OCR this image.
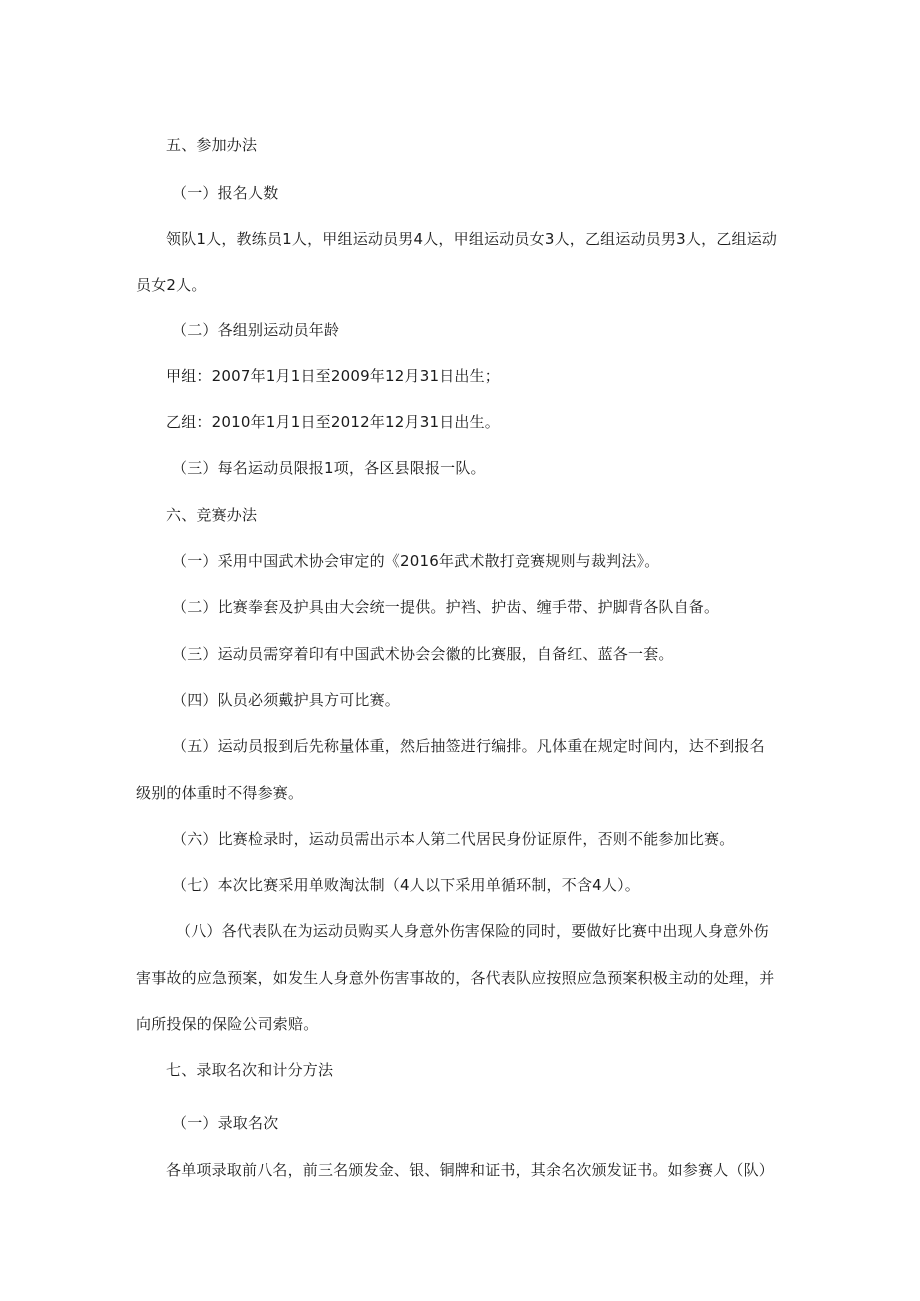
五、参加办法
（一）报名人数
领队1人，教练员1人，甲组运动员男4人，甲组运动员女3人，乙组运动员男3人，乙组运动
员女2人。
（二）各组别运动员年龄
甲组：2007年1月1日至2009年12月31日出生；
乙组：2010年1月1日至2012年12月31日出生。
（三）每名运动员限报1项，各区县限报一队。
六、竞赛办法
（一）采用中国武术协会审定的《2016年武术散打竞赛规则与裁判法》。
（二）比赛拳套及护具由大会统一提供。护裆、护齿、缠手带、护脚背各队自备。
（三）运动员需穿着印有中国武术协会会徽的比赛服，自备红、蓝各一套。
（四）队员必须戴护具方可比赛。
（五）运动员报到后先称量体重，然后抽签进行编排。凡体重在规定时间内，达不到报名
级别的体重时不得参赛。
（六）比赛检录时，运动员需出示本人第二代居民身份证原件，否则不能参加比赛。
（七）本次比赛采用单败淘汰制（4人以下采用单循环制，不含4人）。
（八）各代表队在为运动员购买人身意外伤害保险的同时，要做好比赛中出现人身意外伤
害事故的应急预案，如发生人身意外伤害事故的，各代表队应按照应急预案积极主动的处理，并
向所投保的保险公司索赔。
七、录取名次和计分方法
（一）录取名次
各单项录取前八名，前三名颁发金、银、铜牌和证书，其余名次颁发证书。如参赛人（队）
